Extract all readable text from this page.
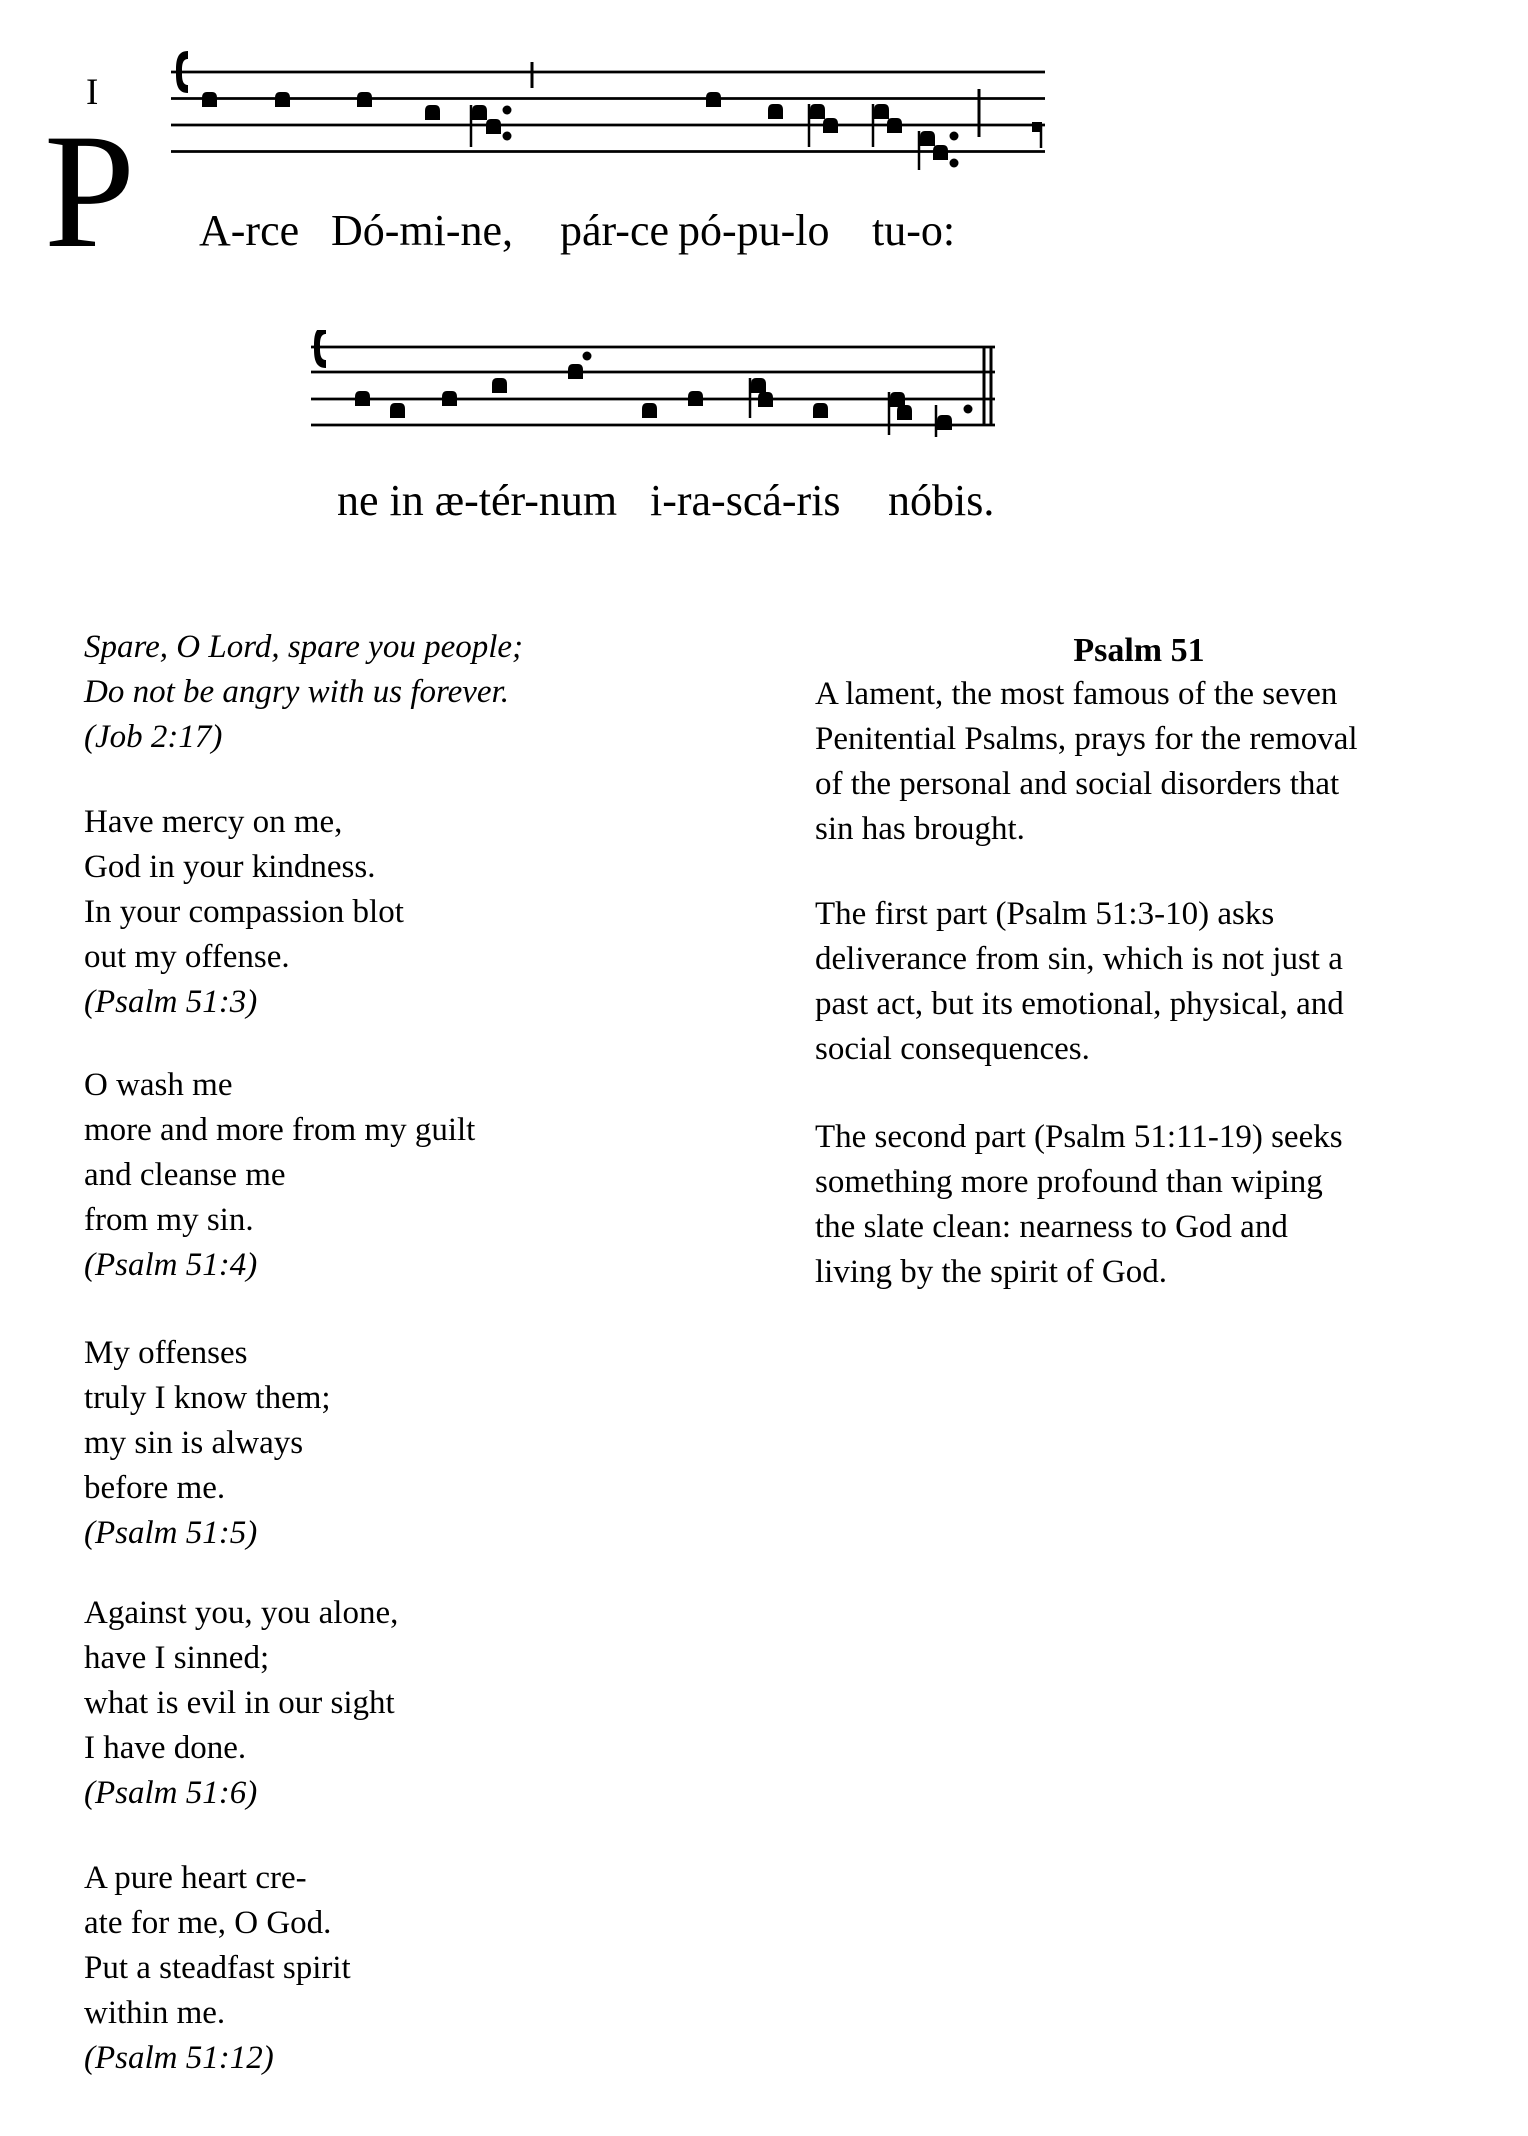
I
P A-rce Dó-mi-ne, pár-ce pó-pu-lo tu-o:
ne in æ-tér-num i-ra-scá-ris nóbis.
Spare, O Lord, spare you people;
Do not be angry with us forever.
(Job 2:17)
Have mercy on me,
God in your kindness.
In your compassion blot
out my offense.
(Psalm 51:3)
O wash me
more and more from my guilt
and cleanse me
from my sin.
(Psalm 51:4)
My offenses
truly I know them;
my sin is always
before me.
(Psalm 51:5)
Against you, you alone,
have I sinned;
what is evil in our sight
I have done.
(Psalm 51:6)
A pure heart cre-
ate for me, O God.
Put a steadfast spirit
within me.
(Psalm 51:12)
Psalm 51
A lament, the most famous of the seven
Penitential Psalms, prays for the removal
of the personal and social disorders that
sin has brought.
The first part (Psalm 51:3-10) asks
deliverance from sin, which is not just a
past act, but its emotional, physical, and
social consequences.
The second part (Psalm 51:11-19) seeks
something more profound than wiping
the slate clean: nearness to God and
living by the spirit of God.
